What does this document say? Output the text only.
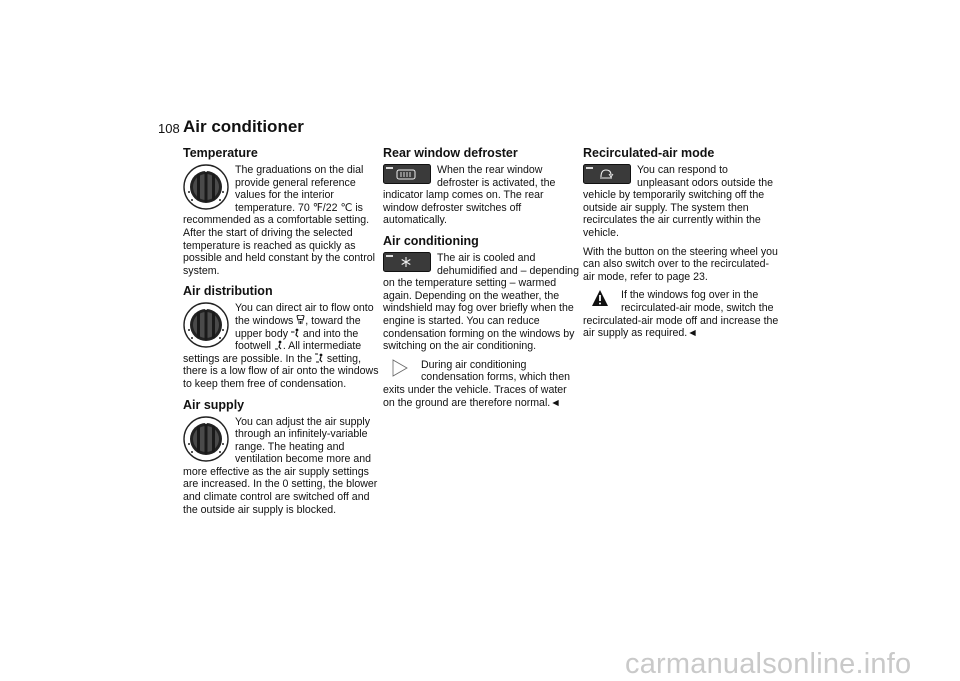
108 Air conditioner
Temperature

The graduations on the dial provide general reference values for the interior temperature. 70 ℉/22 ℃ is recommended as a comfortable setting. After the start of driving the selected temperature is reached as quickly as possible and held constant by the control system.

Air distribution

You can direct air to flow onto the windows , toward the upper body  and into the footwell . All intermediate settings are possible. In the  setting, there is a low flow of air onto the windows to keep them free of condensation.

Air supply

You can adjust the air supply through an infinitely-variable range. The heating and ventilation become more and more effective as the air supply settings are increased. In the 0 setting, the blower and climate control are switched off and the outside air supply is blocked.

Rear window defroster

When the rear window defroster is activated, the indicator lamp comes on. The rear window defroster switches off automatically.

Air conditioning

The air is cooled and dehumidified and – depending on the temperature setting – warmed again. Depending on the weather, the windshield may fog over briefly when the engine is started. You can reduce condensation forming on the windows by switching on the air conditioning.

During air conditioning condensation forms, which then exits under the vehicle. Traces of water on the ground are therefore normal.◄

Recirculated-air mode

You can respond to unpleasant odors outside the vehicle by temporarily switching off the outside air supply. The system then recirculates the air currently within the vehicle.

With the button on the steering wheel you can also switch over to the recirculated-air mode, refer to page 23.

If the windows fog over in the recirculated-air mode, switch the recirculated-air mode off and increase the air supply as required.◄

carmanualsonline.info
